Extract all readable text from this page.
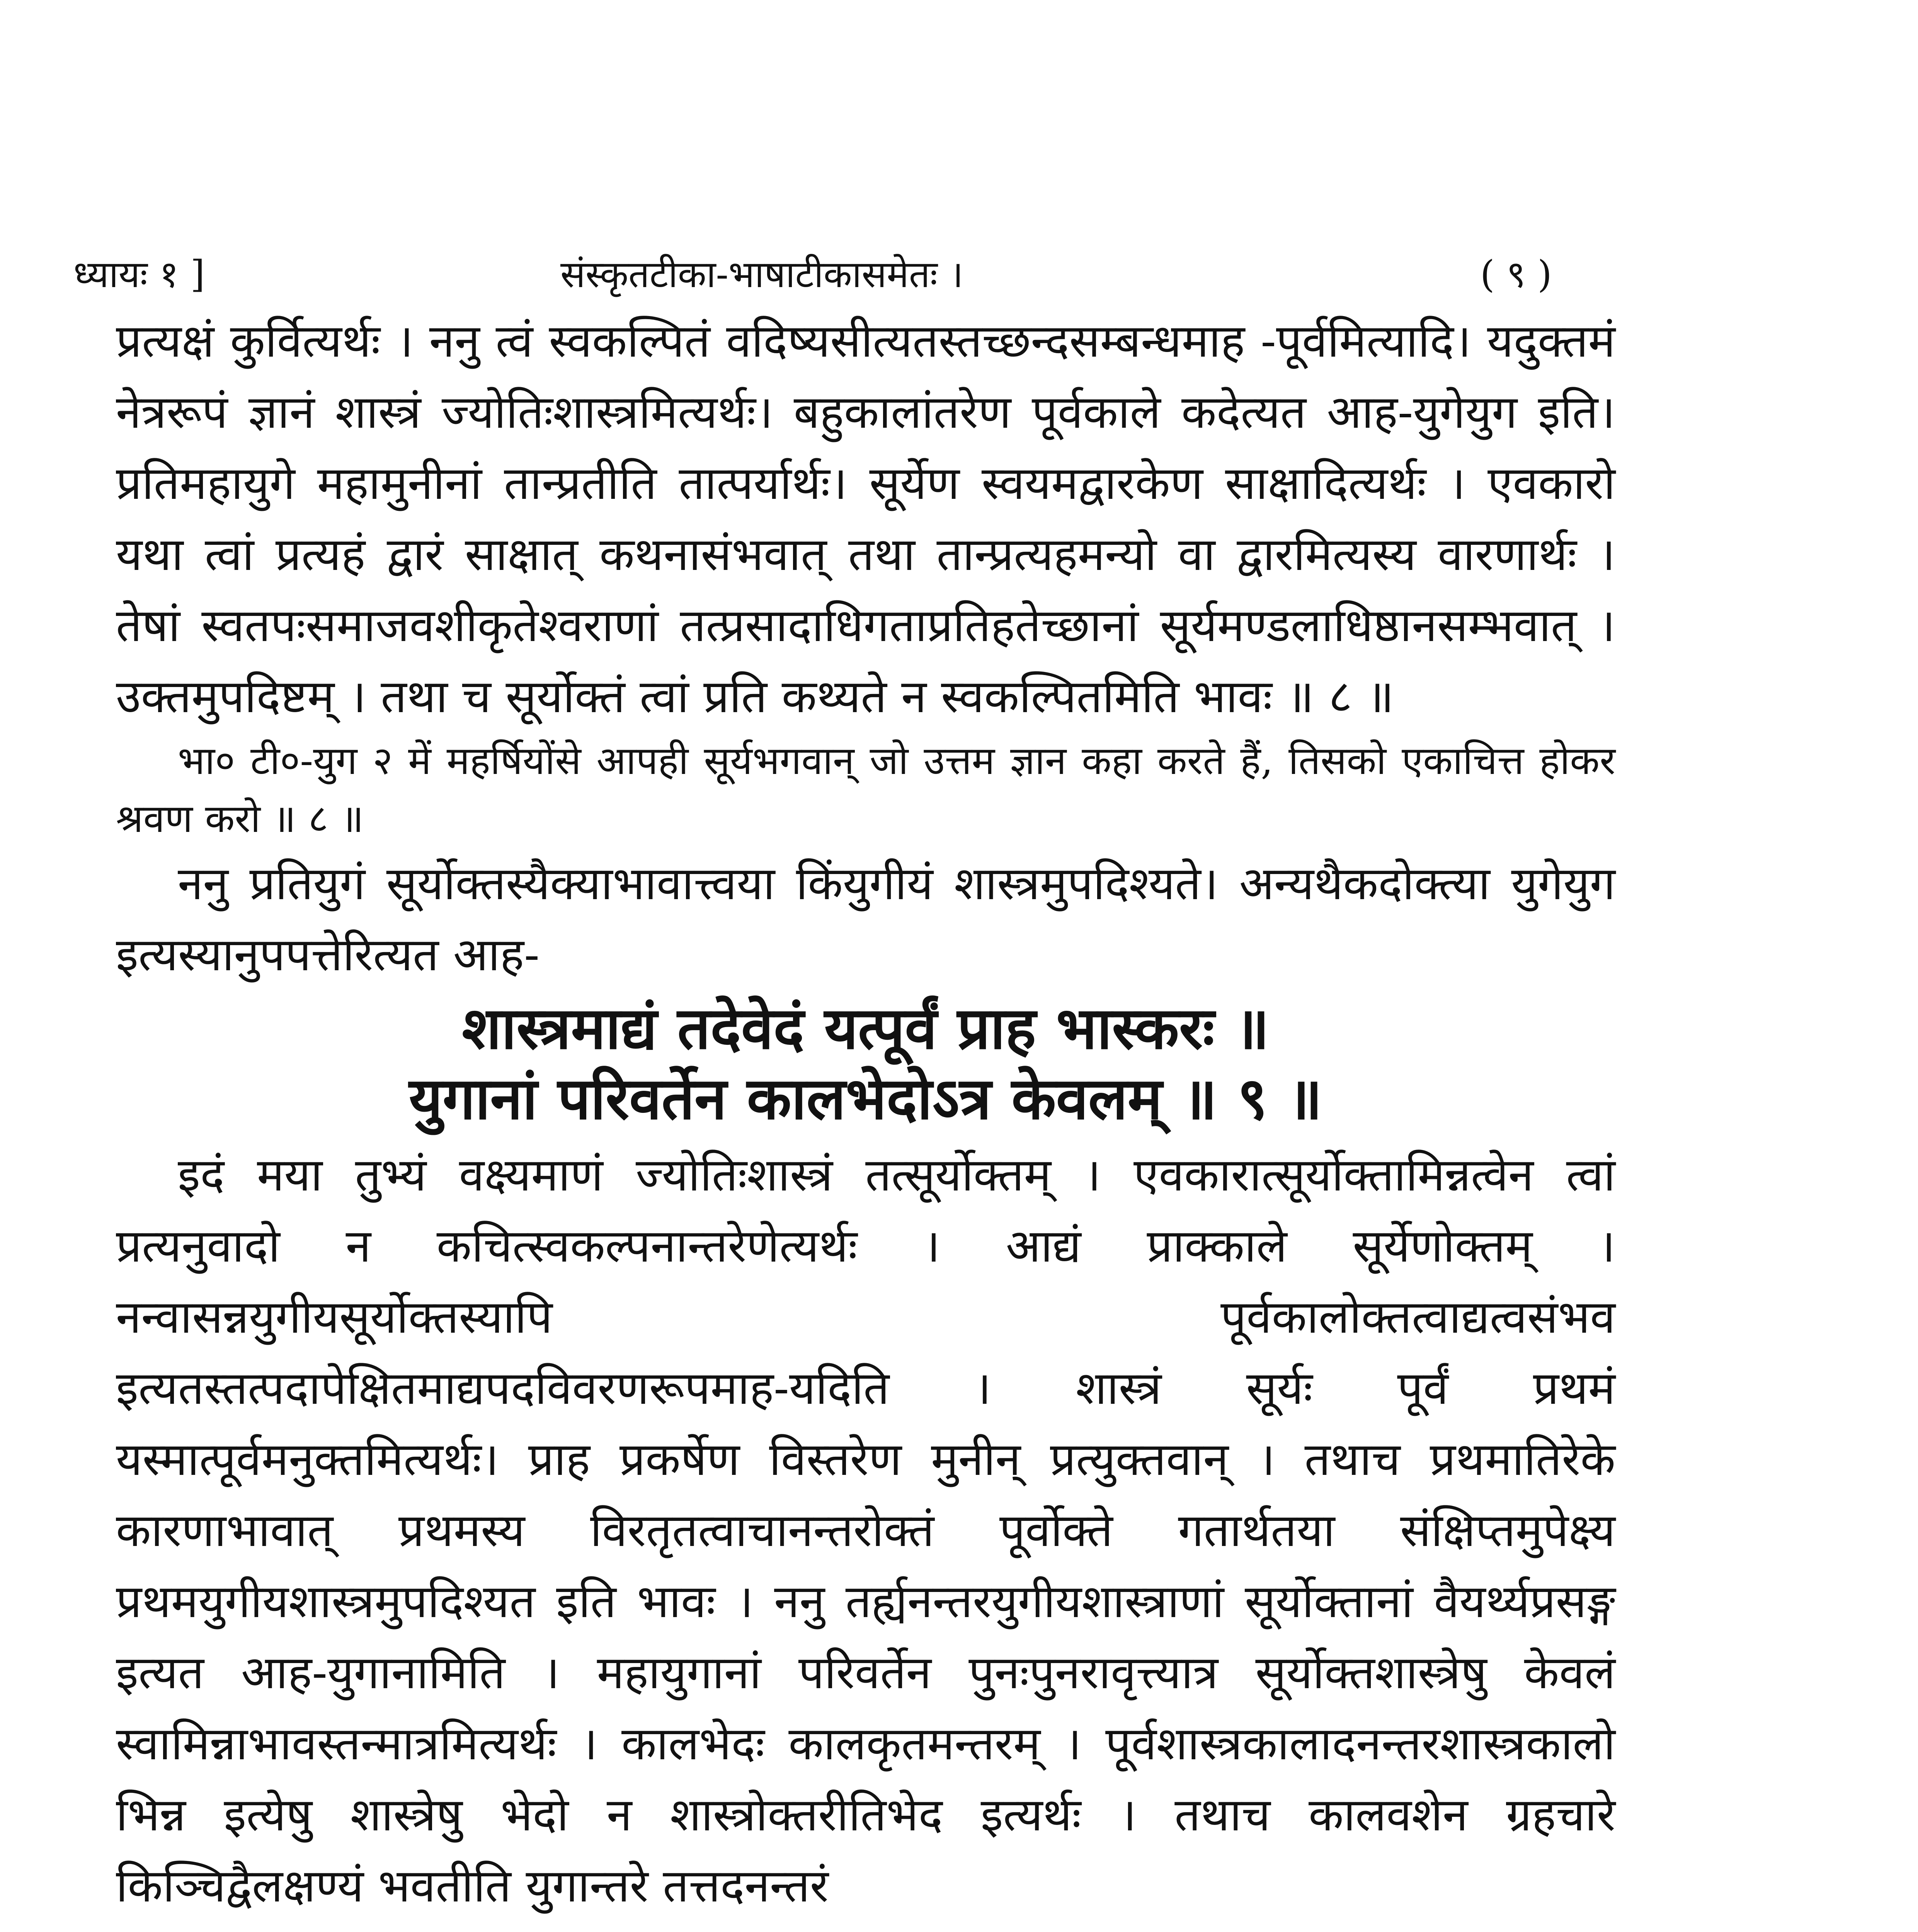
ध्यायः १ ]	संस्कृतटीका-भाषाटीकासमेतः ।	( ९ )

प्रत्यक्षं कुर्वित्यर्थः । ननु त्वं स्वकल्पितं वदिष्यसीत्यतस्तच्छन्दसम्बन्धमाह -पूर्वमित्यादि। यदुक्तमं नेत्ररूपं ज्ञानं शास्त्रं ज्योतिःशास्त्रमित्यर्थः। बहुकालांतरेण पूर्वकाले कदेत्यत आह-युगेयुग इति। प्रतिमहायुगे महामुनीनां तान्प्रतीति तात्पर्यार्थः। सूर्येण स्वयमद्वारकेण साक्षादित्यर्थः । एवकारो यथा त्वां प्रत्यहं द्वारं साक्षात् कथनासंभवात् तथा तान्प्रत्यहमन्यो वा द्वारमित्यस्य वारणार्थः । तेषां स्वतपःसमाजवशीकृतेश्वराणां तत्प्रसादाधिगताप्रतिहतेच्छानां सूर्यमण्डलाधिष्ठानसम्भवात् । उक्तमुपदिष्टम् । तथा च सूर्योक्तं त्वां प्रति कथ्यते न स्वकल्पितमिति भावः ॥ ८ ॥

भा० टी०-युग २ में महर्षियोंसे आपही सूर्यभगवान् जो उत्तम ज्ञान कहा करते हैं, तिसको एकाचित्त होकर श्रवण करो ॥ ८ ॥

ननु प्रतियुगं सूर्योक्तस्यैक्याभावात्त्वया किंयुगीयं शास्त्रमुपदिश्यते। अन्यथैकदोक्त्या युगेयुग इत्यस्यानुपपत्तेरित्यत आह-

शास्त्रमाद्यं तदेवेदं यत्पूर्वं प्राह भास्करः ॥
युगानां परिवर्तेन कालभेदोऽत्र केवलम् ॥ ९ ॥

इदं मया तुभ्यं वक्ष्यमाणं ज्योतिःशास्त्रं तत्सूर्योक्तम् । एवकारात्सूर्योक्तामिन्नत्वेन त्वां प्रत्यनुवादो न कचित्स्वकल्पनान्तरेणेत्यर्थः । आद्यं प्राक्काले सूर्येणोक्तम् । नन्वासन्नयुगीयसूर्योक्तस्यापि पूर्वकालोक्तत्वाद्यत्वसंभव इत्यतस्तत्पदापेक्षितमाद्यपदविवरणरूपमाह-यदिति । शास्त्रं सूर्यः पूर्वं प्रथमं यस्मात्पूर्वमनुक्तमित्यर्थः। प्राह प्रकर्षेण विस्तरेण मुनीन् प्रत्युक्तवान् । तथाच प्रथमातिरेके कारणाभावात् प्रथमस्य विरतृतत्वाचानन्तरोक्तं पूर्वोक्ते गतार्थतया संक्षिप्तमुपेक्ष्य प्रथमयुगीयशास्त्रमुपदिश्यत इति भावः । ननु तर्ह्यनन्तरयुगीयशास्त्राणां सूर्योक्तानां वैयर्थ्यप्रसङ्ग इत्यत आह-युगानामिति । महायुगानां परिवर्तेन पुनःपुनरावृत्त्यात्र सूर्योक्तशास्त्रेषु केवलं स्वामिन्नाभावस्तन्मात्रमित्यर्थः । कालभेदः कालकृतमन्तरम् । पूर्वशास्त्रकालादनन्तरशास्त्रकालो भिन्न इत्येषु शास्त्रेषु भेदो न शास्त्रोक्तरीतिभेद इत्यर्थः । तथाच कालवशेन ग्रहचारे किञ्चिद्वैलक्षण्यं भवतीति युगान्तरे तत्तदनन्तरं
